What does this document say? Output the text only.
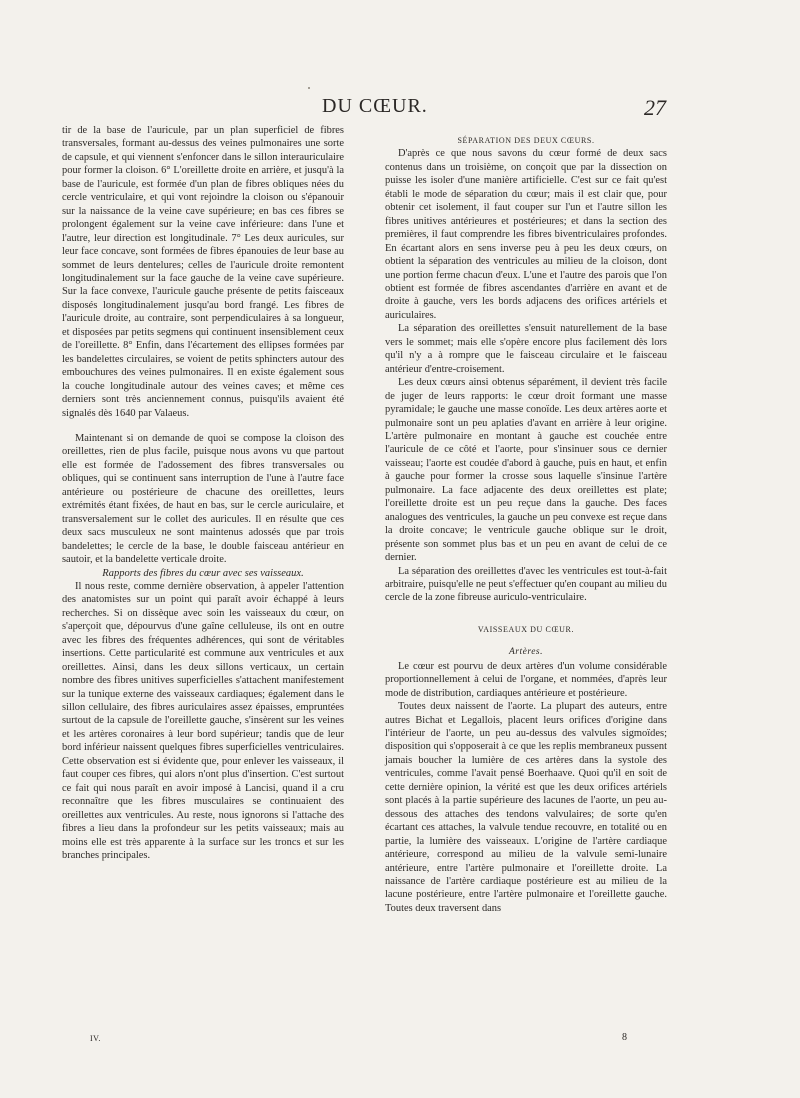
DU CŒUR.	27

tir de la base de l'auricule, par un plan superficiel de fibres transversales, formant au-dessus des veines pulmonaires une sorte de capsule, et qui viennent s'enfoncer dans le sillon interauriculaire pour former la cloison. 6° L'oreillette droite en arrière, et jusqu'à la base de l'auricule, est formée d'un plan de fibres obliques nées du cercle ventriculaire, et qui vont rejoindre la cloison ou s'épanouir sur la naissance de la veine cave supérieure; en bas ces fibres se prolongent également sur la veine cave inférieure: dans l'une et l'autre, leur direction est longitudinale. 7° Les deux auricules, sur leur face concave, sont formées de fibres épanouies de leur base au sommet de leurs dentelures; celles de l'auricule droite remontent longitudinalement sur la face gauche de la veine cave supérieure. Sur la face convexe, l'auricule gauche présente de petits faisceaux disposés longitudinalement jusqu'au bord frangé. Les fibres de l'auricule droite, au contraire, sont perpendiculaires à sa longueur, et disposées par petits segmens qui continuent insensiblement ceux de l'oreillette. 8° Enfin, dans l'écartement des ellipses formées par les bandelettes circulaires, se voient de petits sphincters autour des embouchures des veines pulmonaires. Il en existe également sous la couche longitudinale autour des veines caves; et même ces derniers sont très anciennement connus, puisqu'ils avaient été signalés dès 1640 par Valaeus.

Maintenant si on demande de quoi se compose la cloison des oreillettes, rien de plus facile, puisque nous avons vu que partout elle est formée de l'adossement des fibres transversales ou obliques, qui se continuent sans interruption de l'une à l'autre face antérieure ou postérieure de chacune des oreillettes, leurs extrémités étant fixées, de haut en bas, sur le cercle auriculaire, et transversalement sur le collet des auricules. Il en résulte que ces deux sacs musculeux ne sont maintenus adossés que par trois bandelettes; le cercle de la base, le double faisceau antérieur en sautoir, et la bandelette verticale droite.

Rapports des fibres du cœur avec ses vaisseaux.

Il nous reste, comme dernière observation, à appeler l'attention des anatomistes sur un point qui paraît avoir échappé à leurs recherches. Si on dissèque avec soin les vaisseaux du cœur, on s'aperçoit que, dépourvus d'une gaîne celluleuse, ils ont en outre avec les fibres des fréquentes adhérences, qui sont de véritables insertions. Cette particularité est commune aux ventricules et aux oreillettes. Ainsi, dans les deux sillons verticaux, un certain nombre des fibres unitives superficielles s'attachent manifestement sur la tunique externe des vaisseaux cardiaques; également dans le sillon cellulaire, des fibres auriculaires assez épaisses, empruntées surtout de la capsule de l'oreillette gauche, s'insèrent sur les veines et les artères coronaires à leur bord supérieur; tandis que de leur bord inférieur naissent quelques fibres superficielles ventriculaires. Cette observation est si évidente que, pour enlever les vaisseaux, il faut couper ces fibres, qui alors n'ont plus d'insertion. C'est surtout ce fait qui nous paraît en avoir imposé à Lancisi, quand il a cru reconnaître que les fibres musculaires se continuaient des oreillettes aux ventricules. Au reste, nous ignorons si l'attache des fibres a lieu dans la profondeur sur les petits vaisseaux; mais au moins elle est très apparente à la surface sur les troncs et sur les branches principales.

SÉPARATION DES DEUX CŒURS.

D'après ce que nous savons du cœur formé de deux sacs contenus dans un troisième, on conçoit que par la dissection on puisse les isoler d'une manière artificielle. C'est sur ce fait qu'est établi le mode de séparation du cœur; mais il est clair que, pour obtenir cet isolement, il faut couper sur l'un et l'autre sillon les fibres unitives antérieures et postérieures; et dans la section des premières, il faut comprendre les fibres biventriculaires profondes. En écartant alors en sens inverse peu à peu les deux cœurs, on obtient la séparation des ventricules au milieu de la cloison, dont une portion ferme chacun d'eux. L'une et l'autre des parois que l'on obtient est formée de fibres ascendantes d'arrière en avant et de droite à gauche, vers les bords adjacens des orifices artériels et auriculaires.

La séparation des oreillettes s'ensuit naturellement de la base vers le sommet; mais elle s'opère encore plus facilement dès lors qu'il n'y a à rompre que le faisceau circulaire et le faisceau antérieur d'entre-croisement.

Les deux cœurs ainsi obtenus séparément, il devient très facile de juger de leurs rapports: le cœur droit formant une masse pyramidale; le gauche une masse conoïde. Les deux artères aorte et pulmonaire sont un peu aplaties d'avant en arrière à leur origine. L'artère pulmonaire en montant à gauche est couchée entre l'auricule de ce côté et l'aorte, pour s'insinuer sous ce dernier vaisseau; l'aorte est coudée d'abord à gauche, puis en haut, et enfin à gauche pour former la crosse sous laquelle s'insinue l'artère pulmonaire. La face adjacente des deux oreillettes est plate; l'oreillette droite est un peu reçue dans la gauche. Des faces analogues des ventricules, la gauche un peu convexe est reçue dans la droite concave; le ventricule gauche oblique sur le droit, présente son sommet plus bas et un peu en avant de celui de ce dernier.

La séparation des oreillettes d'avec les ventricules est tout-à-fait arbitraire, puisqu'elle ne peut s'effectuer qu'en coupant au milieu du cercle de la zone fibreuse auriculo-ventriculaire.

VAISSEAUX DU CŒUR.

Artères.

Le cœur est pourvu de deux artères d'un volume considérable proportionnellement à celui de l'organe, et nommées, d'après leur mode de distribution, cardiaques antérieure et postérieure.

Toutes deux naissent de l'aorte. La plupart des auteurs, entre autres Bichat et Legallois, placent leurs orifices d'origine dans l'intérieur de l'aorte, un peu au-dessus des valvules sigmoïdes; disposition qui s'opposerait à ce que les replis membraneux pussent jamais boucher la lumière de ces artères dans la systole des ventricules, comme l'avait pensé Boerhaave. Quoi qu'il en soit de cette dernière opinion, la vérité est que les deux orifices artériels sont placés à la partie supérieure des lacunes de l'aorte, un peu au-dessous des attaches des tendons valvulaires; de sorte qu'en écartant ces attaches, la valvule tendue recouvre, en totalité ou en partie, la lumière des vaisseaux. L'origine de l'artère cardiaque antérieure, correspond au milieu de la valvule semi-lunaire antérieure, entre l'artère pulmonaire et l'oreillette droite. La naissance de l'artère cardiaque postérieure est au milieu de la lacune postérieure, entre l'artère pulmonaire et l'oreillette gauche. Toutes deux traversent dans

IV.	8
